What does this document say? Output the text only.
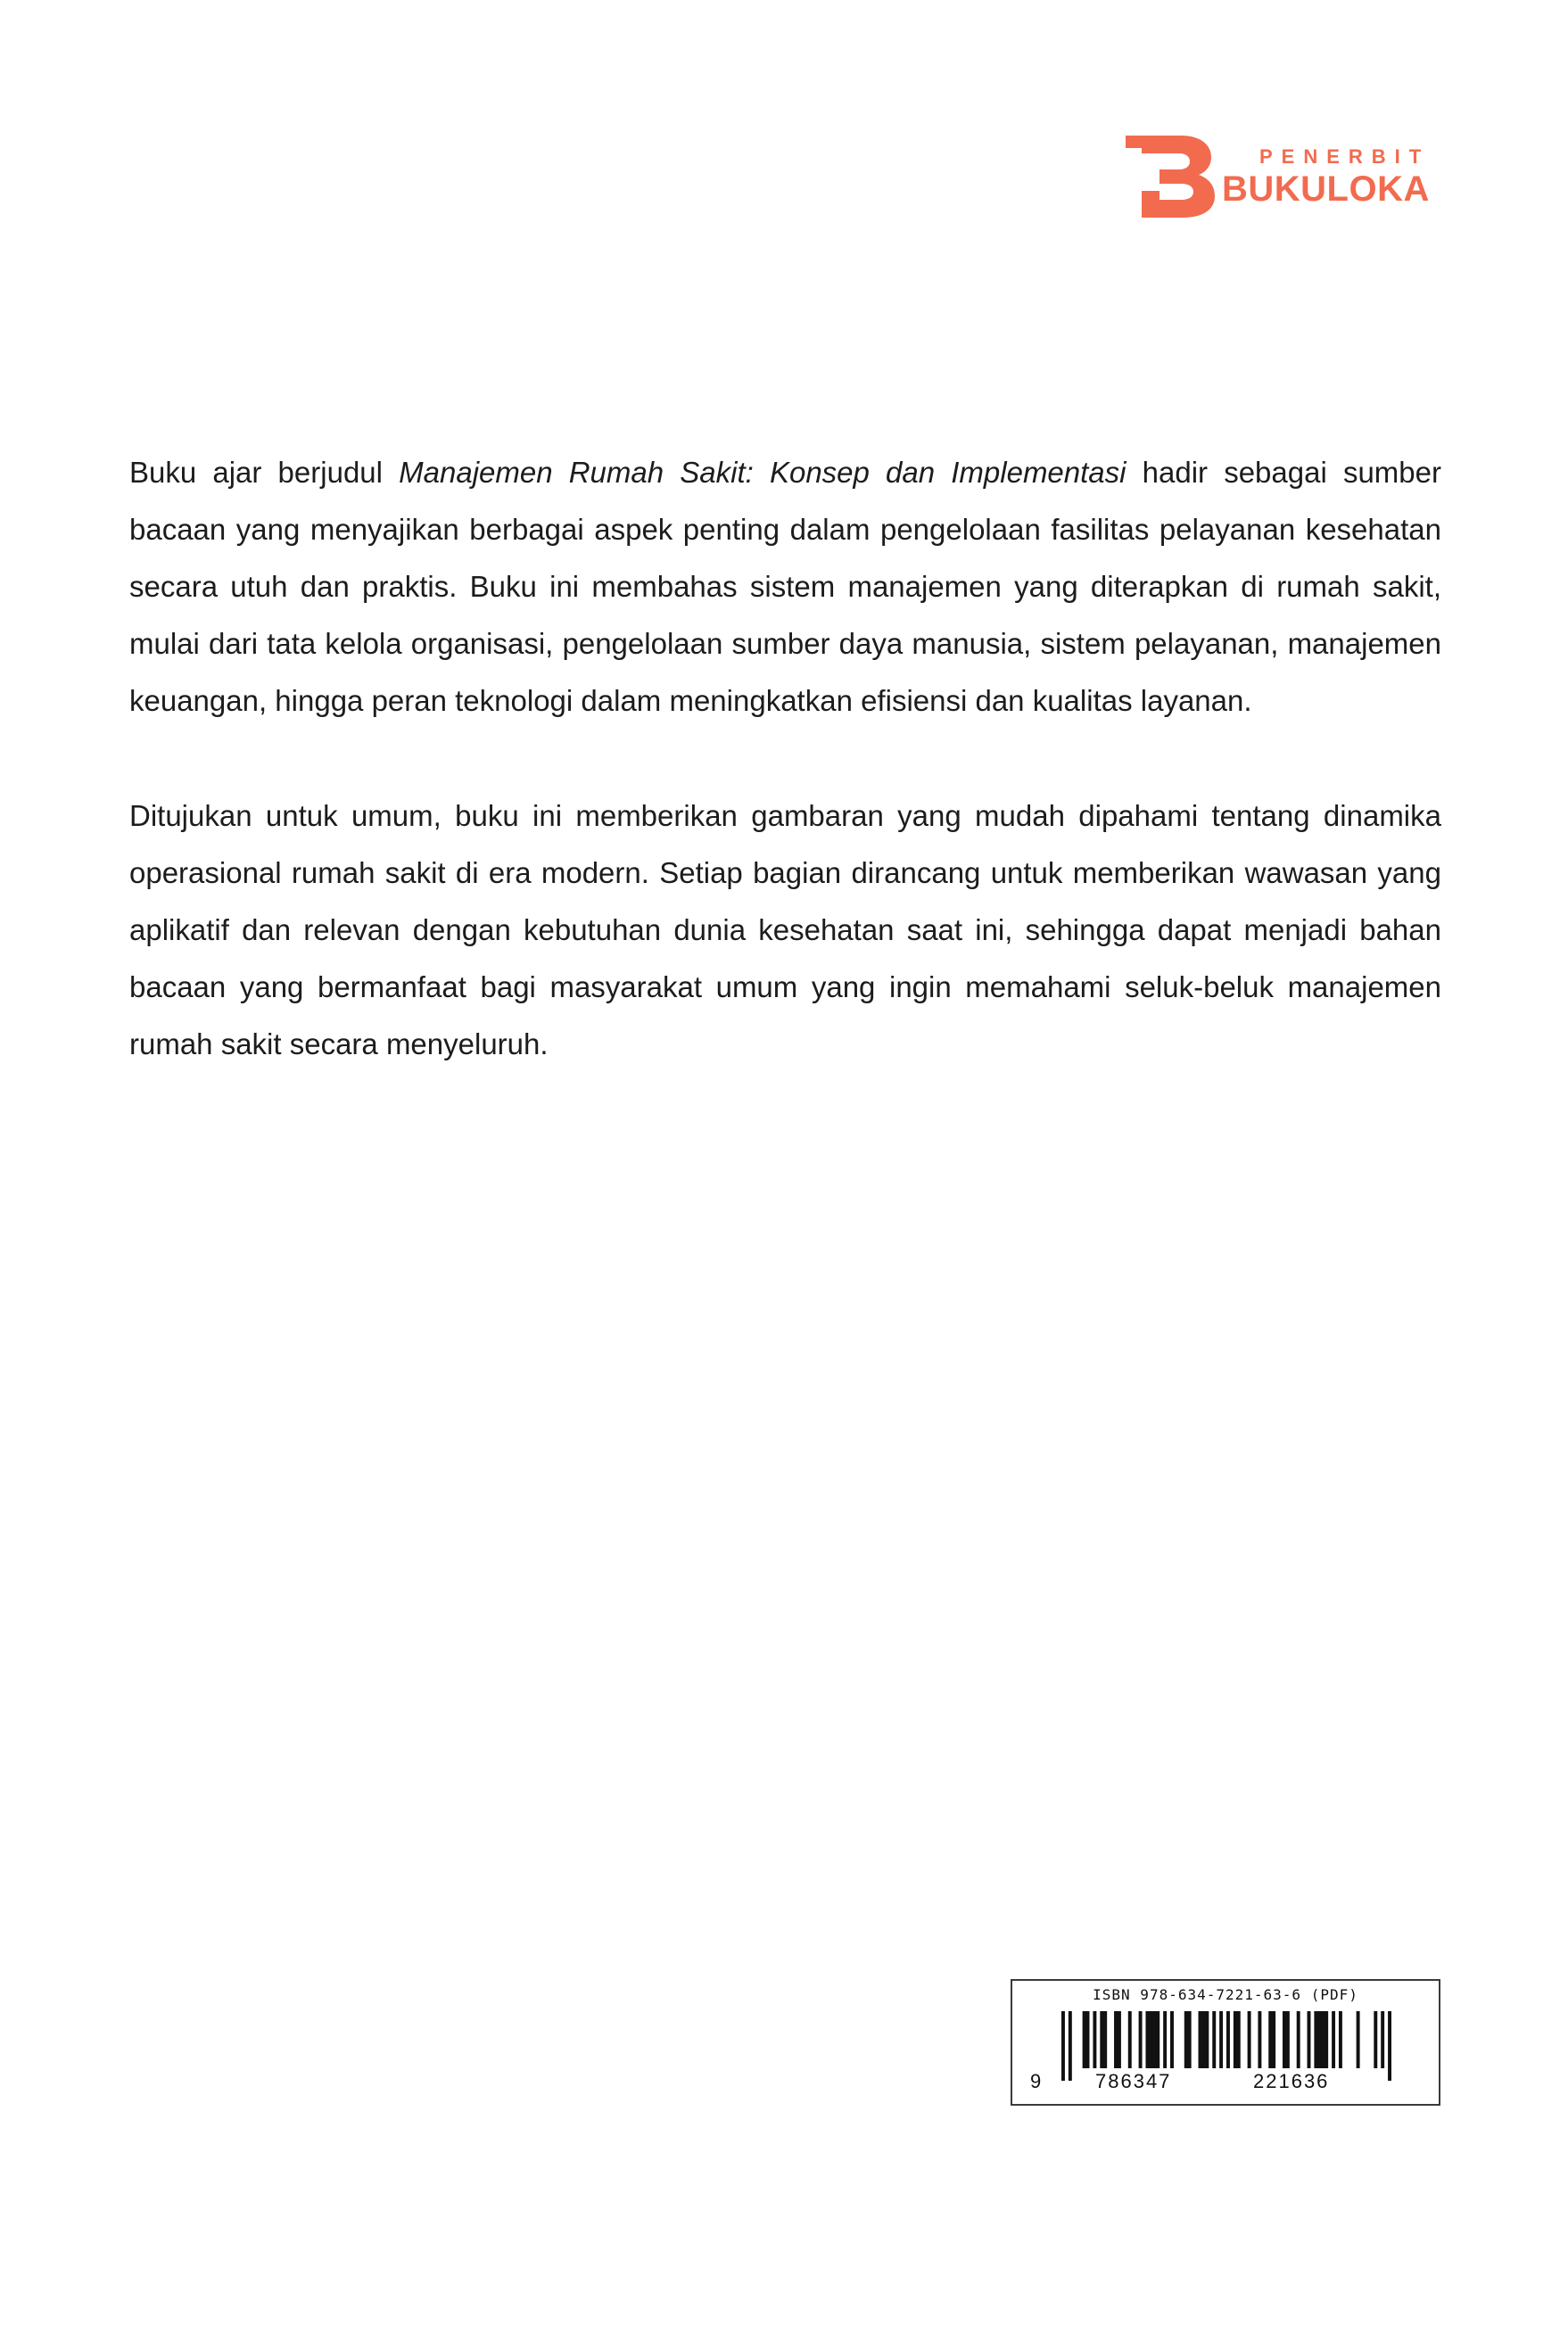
PENERBIT
BUKULOKA

Buku ajar berjudul Manajemen Rumah Sakit: Konsep dan Implementasi hadir sebagai sumber bacaan yang menyajikan berbagai aspek penting dalam pengelolaan fasilitas pelayanan kesehatan secara utuh dan praktis. Buku ini membahas sistem manajemen yang diterapkan di rumah sakit, mulai dari tata kelola organisasi, pengelolaan sumber daya manusia, sistem pelayanan, manajemen keuangan, hingga peran teknologi dalam meningkatkan efisiensi dan kualitas layanan.

Ditujukan untuk umum, buku ini memberikan gambaran yang mudah dipahami tentang dinamika operasional rumah sakit di era modern. Setiap bagian dirancang untuk memberikan wawasan yang aplikatif dan relevan dengan kebutuhan dunia kesehatan saat ini, sehingga dapat menjadi bahan bacaan yang bermanfaat bagi masyarakat umum yang ingin memahami seluk-beluk manajemen rumah sakit secara menyeluruh.

ISBN 978-634-7221-63-6 (PDF)
9	786347	221636
